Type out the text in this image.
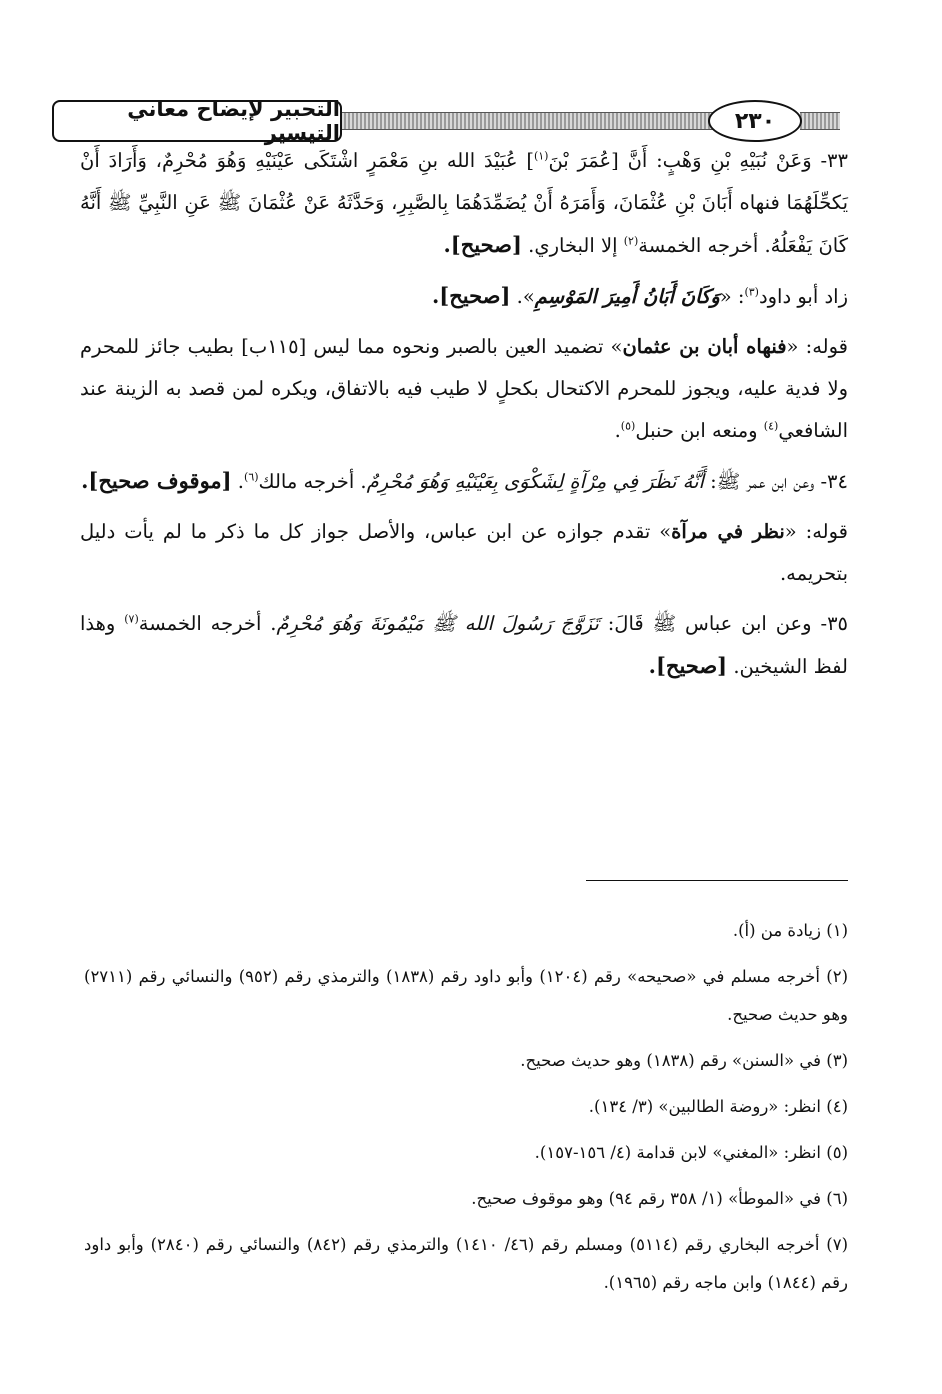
التحبير لإيضاح معاني التيسير	٢٣٠

٣٣- وَعَنْ نُبَيْهِ بْنِ وَهْبٍ: أَنَّ [عُمَرَ بْنَ$^{(١)}$] عُبَيْدَ الله بنِ مَعْمَرٍ اشْتَكَى عَيْنَيْهِ وَهُوَ مُحْرِمٌ، وَأَرَادَ أَنْ يَكحِّلَهُمَا فنهاه أَبَانَ بْنِ عُثْمَانَ، وَأَمَرَهُ أَنْ يُضَمِّدَهُمَا بِالصَّبِرِ، وَحَدَّثَهُ عَنْ عُثْمَانَ ﷺ عَنِ النَّبِيِّ ﷺ أَنَّهُ كَانَ يَفْعَلُهُ. أخرجه الخمسة$^{(٢)}$ إلا البخاري. [صحيح].

زاد أبو داود$^{(٣)}$: «وَكَانَ أَبَانُ أَمِيرَ المَوْسِمِ». [صحيح].

قوله: «فنهاه أبان بن عثمان» تضميد العين بالصبر ونحوه مما ليس [١١٥ب] بطيب جائز للمحرم ولا فدية عليه، ويجوز للمحرم الاكتحال بكحلٍ لا طيب فيه بالاتفاق، ويكره لمن قصد به الزينة عند الشافعي$^{(٤)}$ ومنعه ابن حنبل$^{(٥)}$.

٣٤- وعن ابن عمر ﷺ: أَنَّهُ نَظَرَ فِي مِرْآةٍ لِشَكْوَى بِعَيْنَيْهِ وَهُوَ مُحْرِمٌ. أخرجه مالك$^{(٦)}$. [موقوف صحيح].

قوله: «نظر في مرآة» تقدم جوازه عن ابن عباس، والأصل جواز كل ما ذكر ما لم يأت دليل بتحريمه.

٣٥- وعن ابن عباس ﷺ قَالَ: تَزَوَّجَ رَسُولَ الله ﷺ مَيْمُونَةَ وَهُوَ مُحْرِمٌ. أخرجه الخمسة$^{(٧)}$ وهذا لفظ الشيخين. [صحيح].

(١) زيادة من (أ).

(٢) أخرجه مسلم في «صحيحه» رقم (١٢٠٤) وأبو داود رقم (١٨٣٨) والترمذي رقم (٩٥٢) والنسائي رقم (٢٧١١) وهو حديث صحيح.

(٣) في «السنن» رقم (١٨٣٨) وهو حديث صحيح.

(٤) انظر: «روضة الطالبين» (٣/ ١٣٤).

(٥) انظر: «المغني» لابن قدامة (٤/ ١٥٦-١٥٧).

(٦) في «الموطأ» (١/ ٣٥٨ رقم ٩٤) وهو موقوف صحيح.

(٧) أخرجه البخاري رقم (٥١١٤) ومسلم رقم (٤٦/ ١٤١٠) والترمذي رقم (٨٤٢) والنسائي رقم (٢٨٤٠) وأبو داود رقم (١٨٤٤) وابن ماجه رقم (١٩٦٥).
